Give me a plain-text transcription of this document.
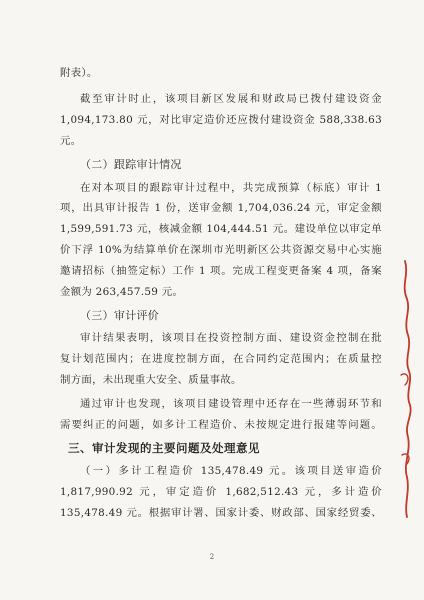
附表）。
截至审计时止，该项目新区发展和财政局已拨付建设资金
1,094,173.80 元，对比审定造价还应拨付建设资金 588,338.63
元。
（二）跟踪审计情况
在对本项目的跟踪审计过程中，共完成预算（标底）审计 1
项，出具审计报告 1 份，送审金额 1,704,036.24 元，审定金额
1,599,591.73 元，核减金额 104,444.51 元。建设单位以审定单
价下浮 10%为结算单价在深圳市光明新区公共资源交易中心实施
邀请招标（抽签定标）工作 1 项。完成工程变更备案 4 项，备案
金额为 263,457.59 元。
（三）审计评价
审计结果表明，该项目在投资控制方面、建设资金控制在批
复计划范围内；在进度控制方面，在合同约定范围内；在质量控
制方面，未出现重大安全、质量事故。
通过审计也发现，该项目建设管理中还存在一些薄弱环节和
需要纠正的问题，如多计工程造价、未按规定进行报建等问题。
三、审计发现的主要问题及处理意见
（一）多计工程造价 135,478.49 元。该项目送审造价
1,817,990.92 元，审定造价 1,682,512.43 元，多计造价
135,478.49 元。根据审计署、国家计委、财政部、国家经贸委、
2
